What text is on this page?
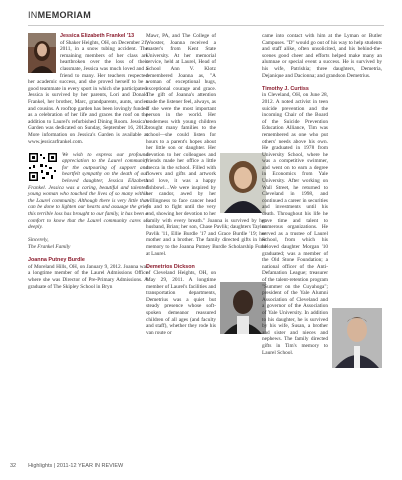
INMEMORIAM

Jessica Elizabeth Frankel '13
of Shaker Heights, OH, on December 21, 2011, in a snow tubing accident. The remaining members of her class are heartbroken over the loss of their classmate, Jessica was much loved and a friend to many. Her teachers respected her academic success, and she proved herself to be a good teammate in every sport in which she participated. Jessica is survived by her parents, Lori and Donald Frankel, her brother, Marc, grandparents, aunts, uncles and cousins. A rooftop garden has been lovingly funded as a celebration of her life and graces the roof on the addition to Laurel's refurbished Dining Room. Jessica's Garden was dedicated on Sunday, September 16, 2012. More information on Jessica's Garden is available at www.jessicarfrankel.com.

We wish to express our profound appreciation to the Laurel community for the outpouring of support and heartfelt sympathy on the death of our beloved daughter, Jessica Elizabeth Frankel. Jessica was a caring, beautiful and talented young woman who touched the lives of so many within the Laurel community. Although there is very little that can be done to lighten our hearts and assuage the grief this terrible loss has brought to our family, it has been a comfort to know that the Laurel community cares so deeply.

Sincerely,

The Frankel Family

Joanna Putney Burdle
of Moreland Hills, OH, on January 9, 2012. Joanna was a longtime member of the Laurel Admissions Office where she was Director of Pre-Primary Admissions. A graduate of The Skipley School in Bryn

Mawr, PA, and The College of Wooster, Joanna received a master's from Kent State University. At her memorial service, held at Laurel, Head of School Ann V. Klotz remembered Joanna as, "A woman of exceptional hugs, exceptional courage and grace. The gift of Joanna's attention made the listener feel, always, as if she were the most important person in the world. Her tenderness with young children brought many families to the school—she could listen for hours to a parent's hopes about her little son or daughter. Her devotion to her colleagues and friends made her office a little mecca in the school. Filled with flowers and gifts and artwork and love, it was a happy fishbowl…We were inspired by her candor, awed by her willingness to face cancer head on and to fight until the very end, showing her devotion to her family with every breath." Joanna is survived by her husband, Brian; her son, Chase Pavlik; daughters Taylor Pavlik '11, Ellie Burdle '17 and Grace Burdle '19; her mother and a brother. The family directed gifts in her memory to the Joanna Putney Burdle Scholarship Fund at Laurel.

Demetrios Dickson
of Cleveland Heights, OH, on May 29, 2011. A longtime member of Laurel's facilities and transportation departments, Demetrius was a quiet but steady presence whose soft-spoken demeanor reassured children of all ages (and faculty and staff), whether they rode his van route or

came into contact with him at the Lyman or Butler Campuses. "D" would go out of his way to help students and staff alike, often unsolicited, and his behind-the-scenes good cheer and efforts helped make many an alumnae or special event a success. He is survived by his wife, Patrishia; three daughters, Demetria, Dejanique and Dacionna; and grandson Demetrius.

Timothy J. Curtiss
in Cleveland, OH, on June 28, 2012. A noted activist in teen suicide prevention and the incoming Chair of the Board of the Suicide Prevention Education Alliance, Tim was remembered as one who put others' needs above his own. He graduated in 1978 from University School, where he was a competitive swimmer, and went on to earn a degree in Economics from Yale University. After working on Wall Street, he returned to Cleveland in 1998, and continued a career in securities and investments until his death. Throughout his life he gave time and talent to numerous organizations. He served as a trustee of Laurel School, from which his beloved daughter Morgan '10 graduated; was a member of the Old Stone Foundation; a national officer of the Anti-Defamation League; treasurer of the talent-retention program "Summer on the Cuyahoga"; president of the Yale Alumni Association of Cleveland and a governor of the Association of Yale University. In addition to his daughter, he is survived by his wife, Susan, a brother and sister and nieces and nephews. The family directed gifts in Tim's memory to Laurel School.

32 Highlights | 2011-12 YEAR IN REVIEW
